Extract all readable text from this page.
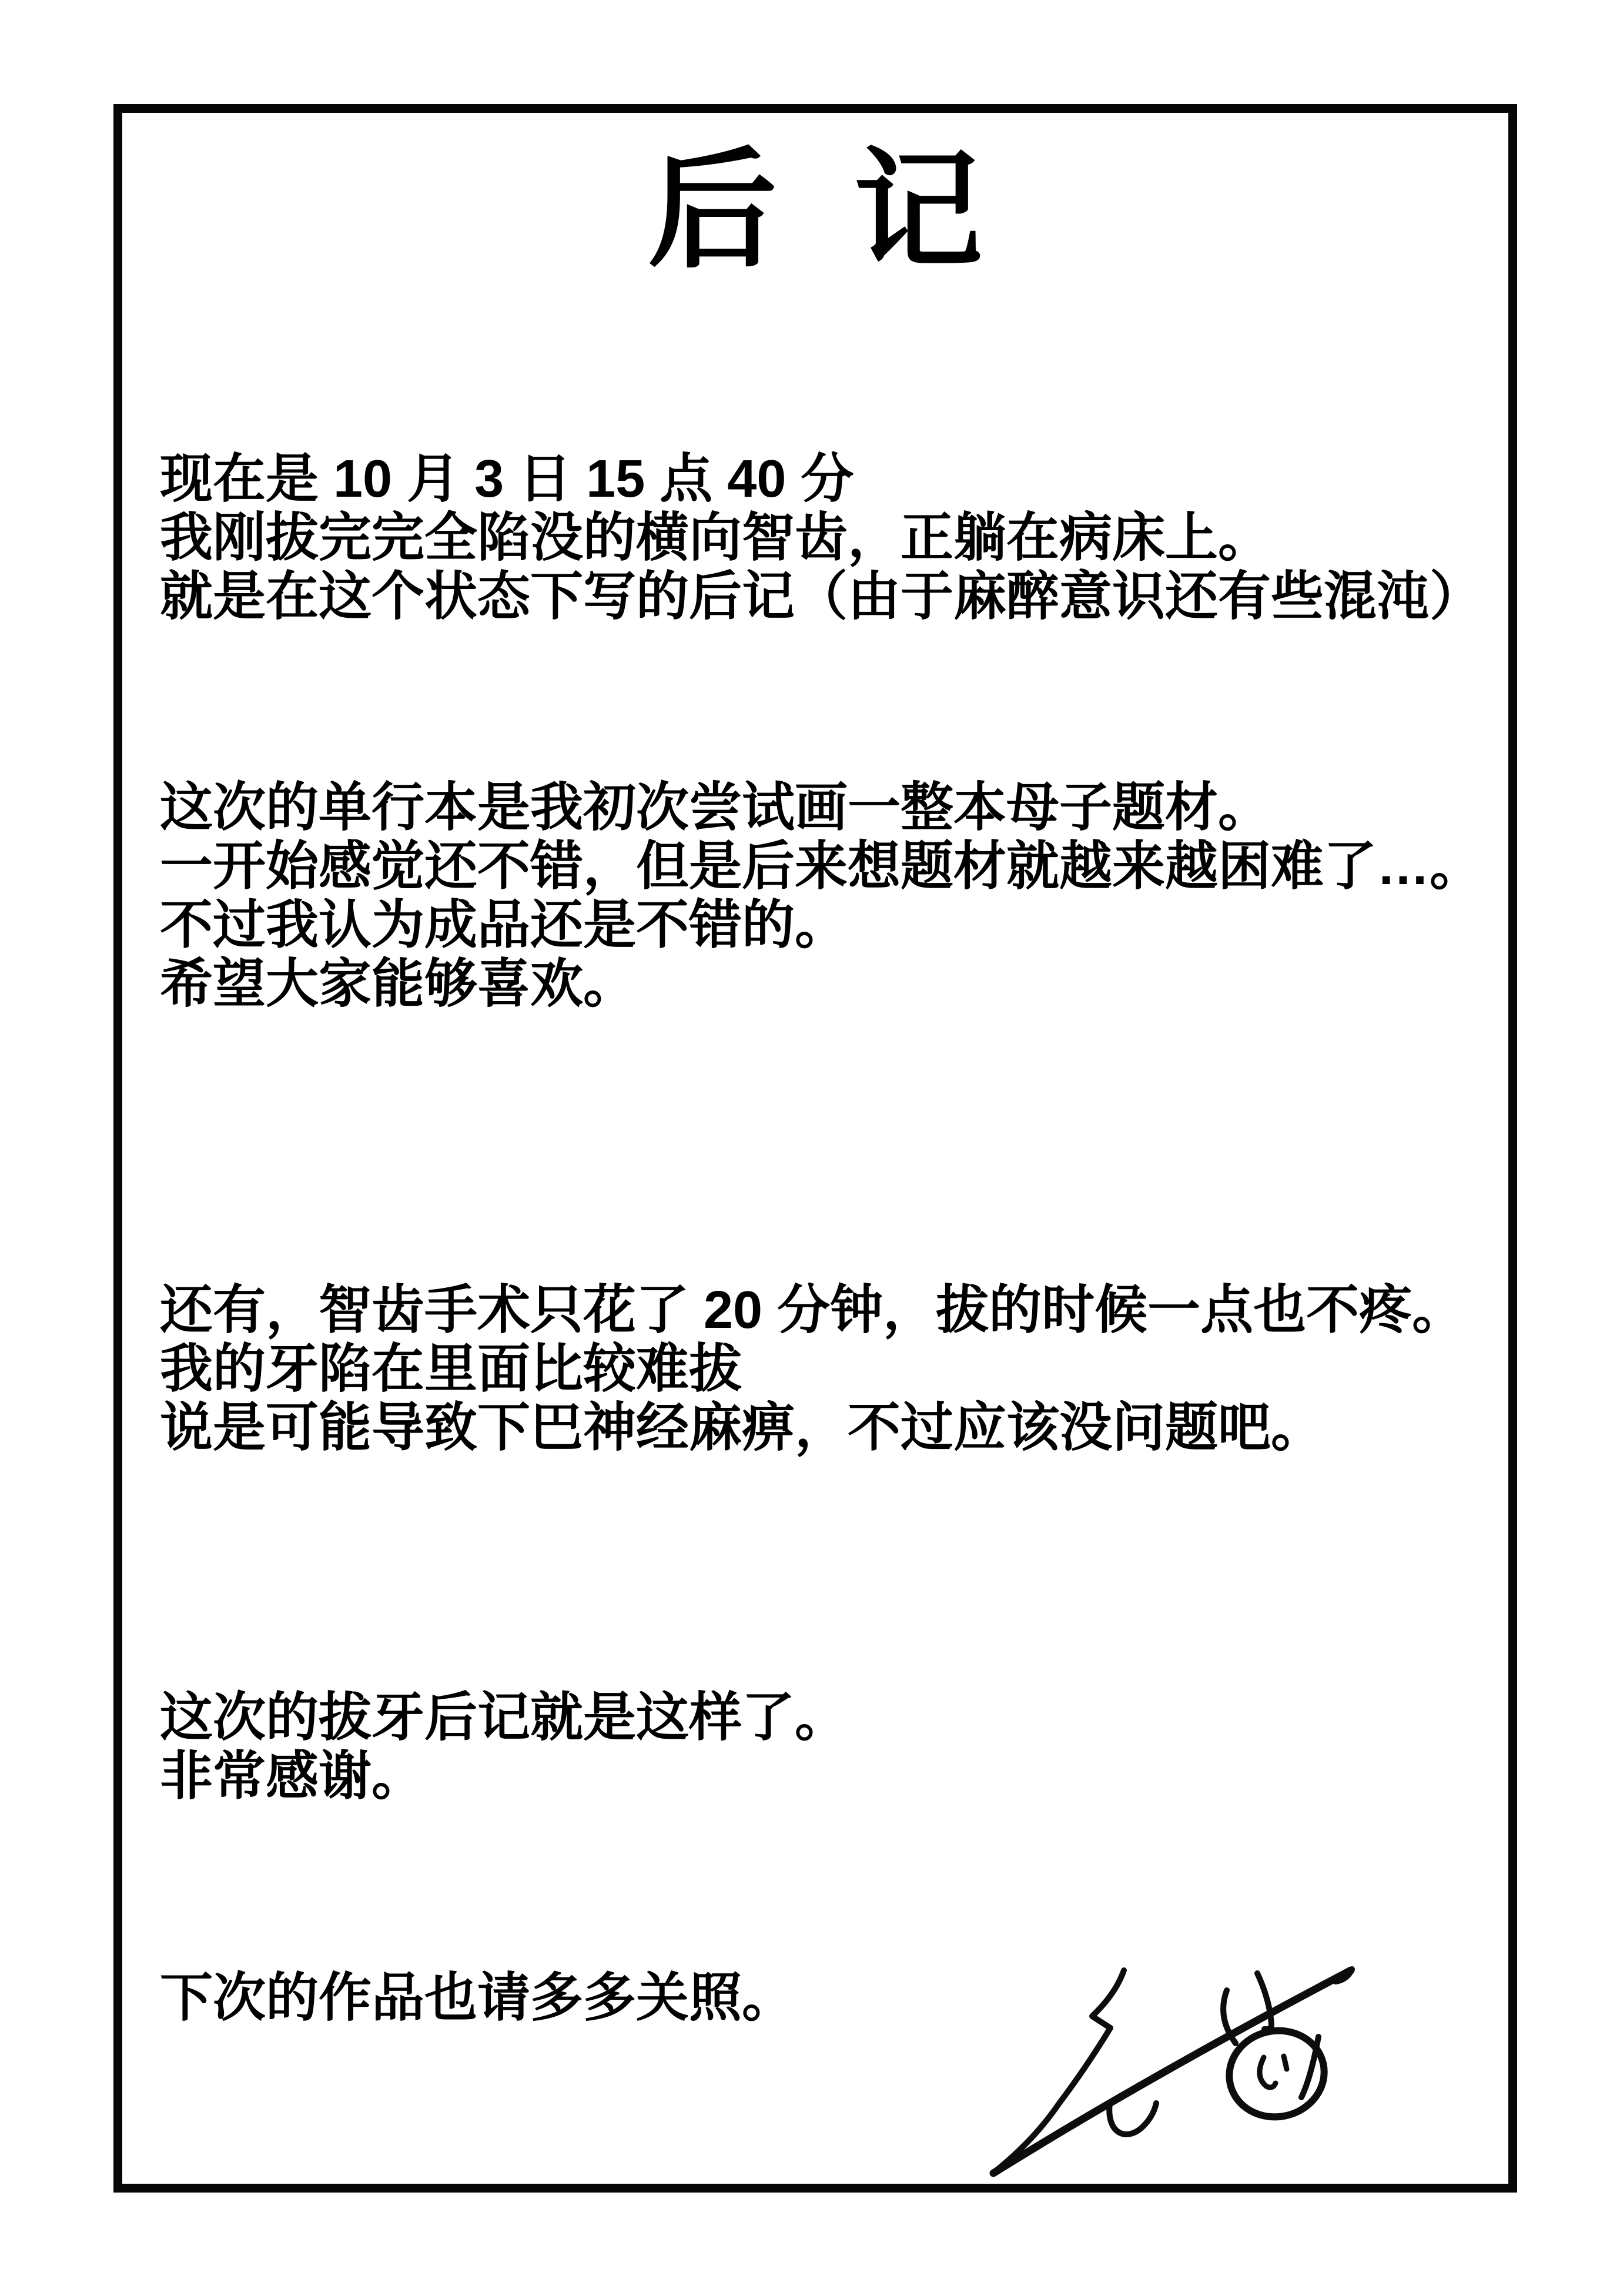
后记
现在是 10 月 3 日 15 点 40 分
我刚拔完完全陷没的横向智齿，正躺在病床上。
就是在这个状态下写的后记（由于麻醉意识还有些混沌）
这次的单行本是我初次尝试画一整本母子题材。
一开始感觉还不错，但是后来想题材就越来越困难了…。
不过我认为成品还是不错的。
希望大家能够喜欢。
还有，智齿手术只花了 20 分钟，拔的时候一点也不疼。
我的牙陷在里面比较难拔
说是可能导致下巴神经麻痹，不过应该没问题吧。
这次的拔牙后记就是这样了。
非常感谢。
下次的作品也请多多关照。
